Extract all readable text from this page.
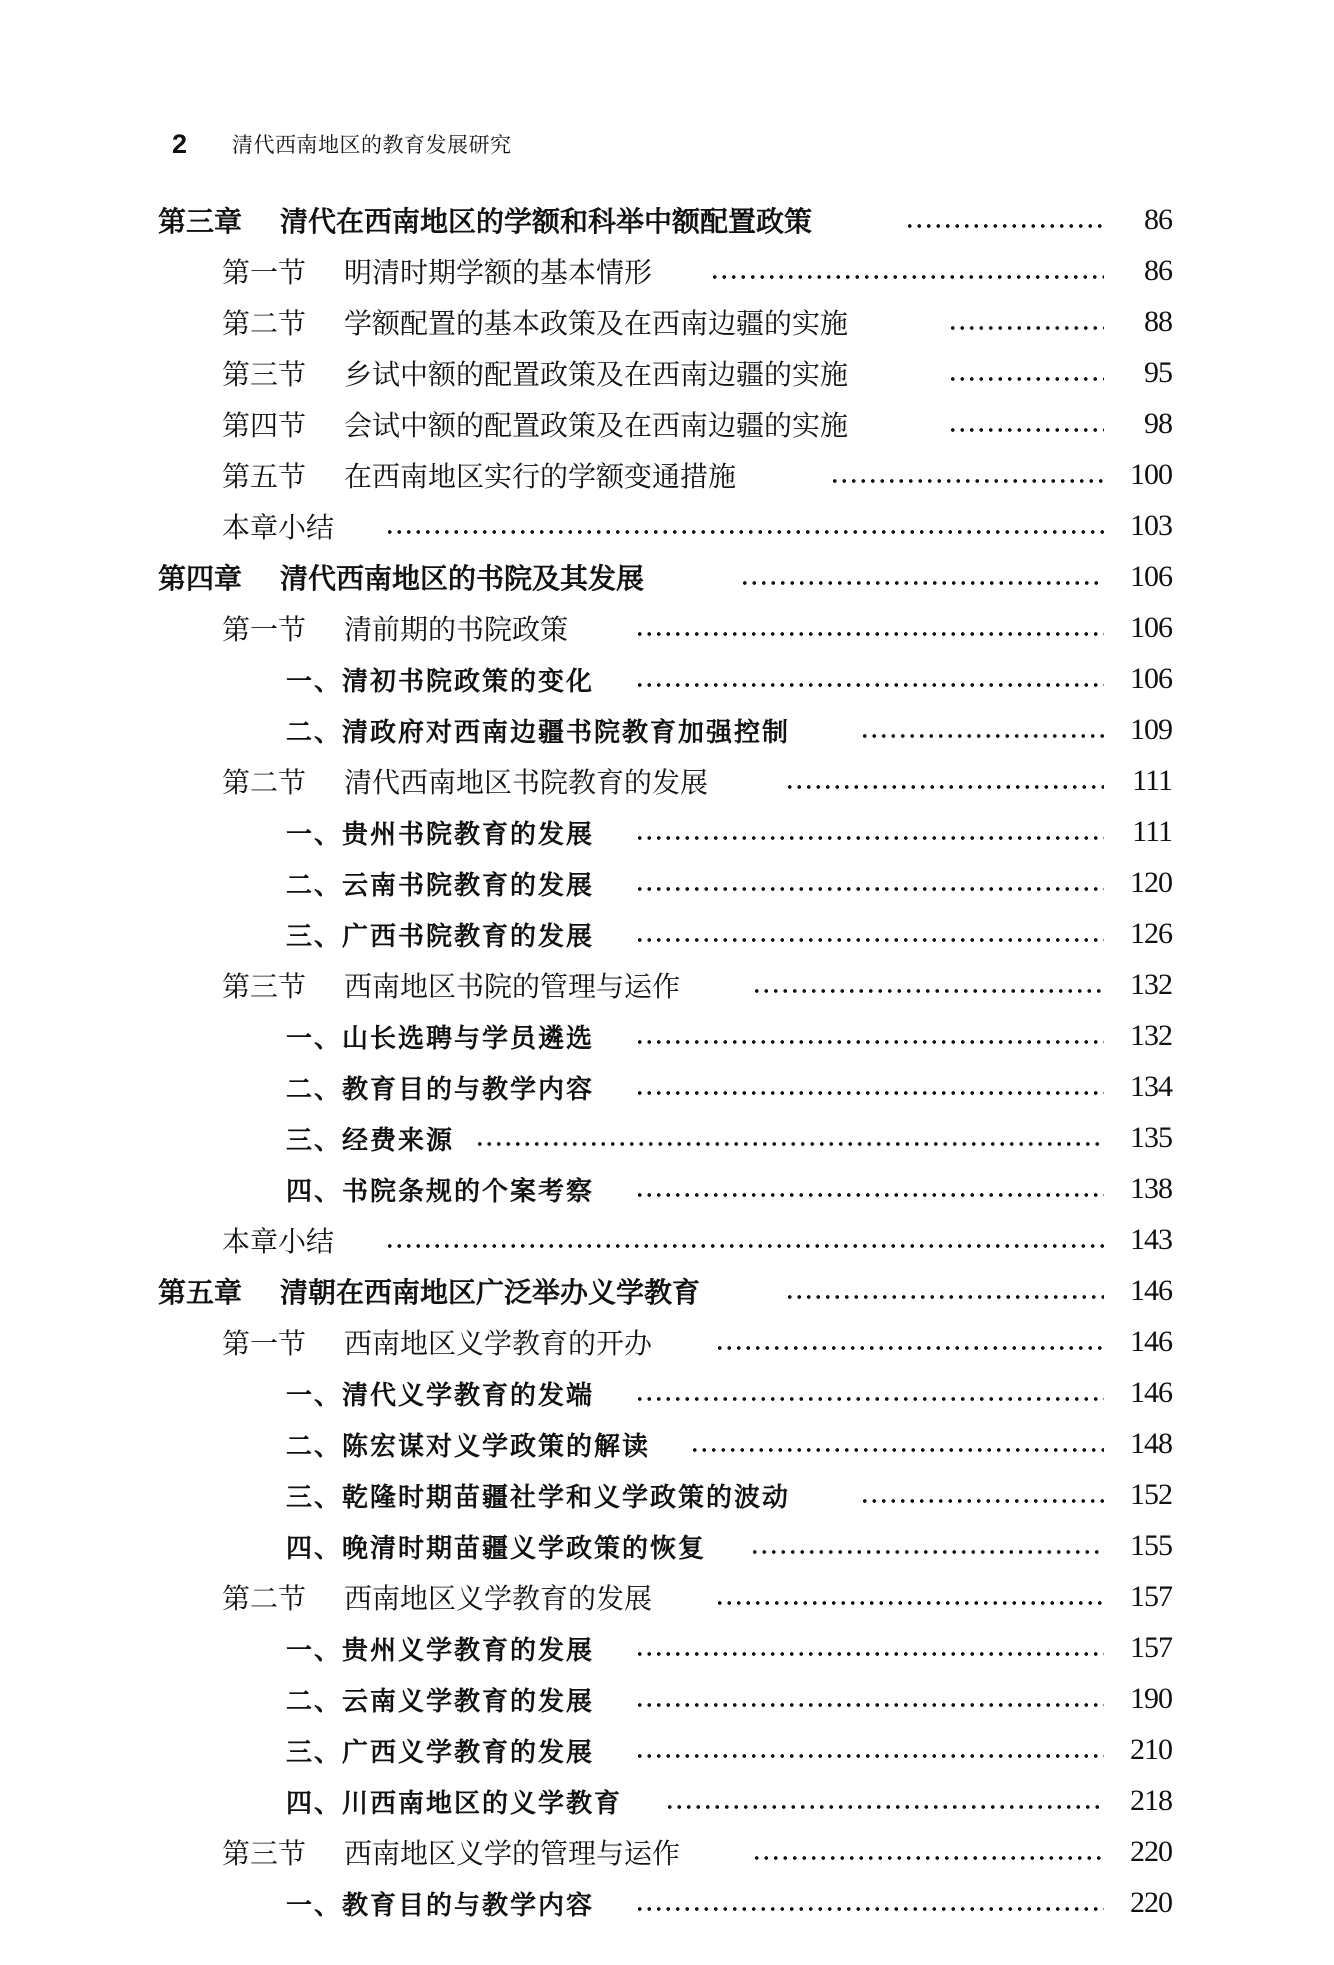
2	清代西南地区的教育发展研究
第三章 清代在西南地区的学额和科举中额配置政策	86
第一节 明清时期学额的基本情形	86
第二节 学额配置的基本政策及在西南边疆的实施	88
第三节 乡试中额的配置政策及在西南边疆的实施	95
第四节 会试中额的配置政策及在西南边疆的实施	98
第五节 在西南地区实行的学额变通措施	100
本章小结	103
第四章 清代西南地区的书院及其发展	106
第一节 清前期的书院政策	106
一、 清初书院政策的变化	106
二、 清政府对西南边疆书院教育加强控制	109
第二节 清代西南地区书院教育的发展	111
一、 贵州书院教育的发展	111
二、 云南书院教育的发展	120
三、 广西书院教育的发展	126
第三节 西南地区书院的管理与运作	132
一、 山长选聘与学员遴选	132
二、 教育目的与教学内容	134
三、 经费来源	135
四、 书院条规的个案考察	138
本章小结	143
第五章 清朝在西南地区广泛举办义学教育	146
第一节 西南地区义学教育的开办	146
一、 清代义学教育的发端	146
二、 陈宏谋对义学政策的解读	148
三、 乾隆时期苗疆社学和义学政策的波动	152
四、 晚清时期苗疆义学政策的恢复	155
第二节 西南地区义学教育的发展	157
一、 贵州义学教育的发展	157
二、 云南义学教育的发展	190
三、 广西义学教育的发展	210
四、 川西南地区的义学教育	218
第三节 西南地区义学的管理与运作	220
一、 教育目的与教学内容	220
